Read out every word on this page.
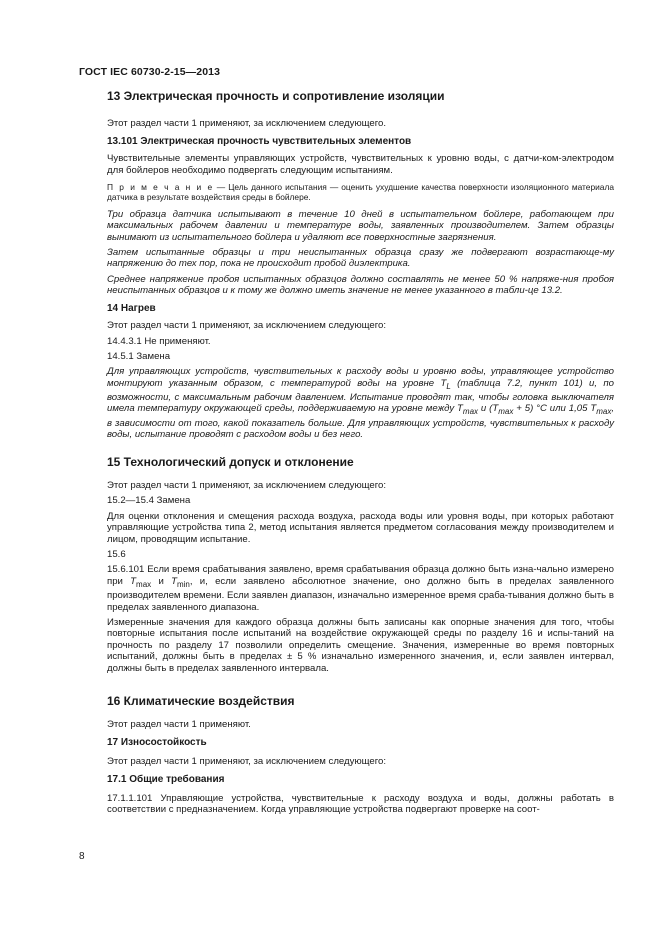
ГОСТ IEC 60730-2-15—2013
13 Электрическая прочность и сопротивление изоляции

Этот раздел части 1 применяют, за исключением следующего.

13.101 Электрическая прочность чувствительных элементов

Чувствительные элементы управляющих устройств, чувствительных к уровню воды, с датчи-ком-электродом для бойлеров необходимо подвергать следующим испытаниям.

П р и м е ч а н и е — Цель данного испытания — оценить ухудшение качества поверхности изоляционного материала датчика в результате воздействия среды в бойлере.

Три образца датчика испытывают в течение 10 дней в испытательном бойлере, работающем при максимальных рабочем давлении и температуре воды, заявленных производителем. Затем образцы вынимают из испытательного бойлера и удаляют все поверхностные загрязнения.

Затем испытанные образцы и три неиспытанных образца сразу же подвергают возрастающе-му напряжению до тех пор, пока не происходит пробой диэлектрика.

Среднее напряжение пробоя испытанных образцов должно составлять не менее 50 % напряже-ния пробоя неиспытанных образцов и к тому же должно иметь значение не менее указанного в табли-це 13.2.

14 Нагрев

Этот раздел части 1 применяют, за исключением следующего:

14.4.3.1 Не применяют.

14.5.1 Замена

Для управляющих устройств, чувствительных к расходу воды и уровню воды, управляющее устройство монтируют указанным образом, с температурой воды на уровне $T_L$ (таблица 7.2, пункт 101) и, по возможности, с максимальным рабочим давлением. Испытание проводят так, чтобы головка выключателя имела температуру окружающей среды, поддерживаемую на уровне между $T_{max}$ и $(T_{max} + 5)$ °С или 1,05 $T_{max}$, в зависимости от того, какой показатель больше. Для управляющих устройств, чувствительных к расходу воды, испытание проводят с расходом воды и без него.

15 Технологический допуск и отклонение

Этот раздел части 1 применяют, за исключением следующего:

15.2—15.4 Замена

Для оценки отклонения и смещения расхода воздуха, расхода воды или уровня воды, при которых работают управляющие устройства типа 2, метод испытания является предметом согласования между производителем и лицом, проводящим испытание.

15.6

15.6.101 Если время срабатывания заявлено, время срабатывания образца должно быть изна-чально измерено при $T_{max}$ и $T_{min}$, и, если заявлено абсолютное значение, оно должно быть в пределах заявленного производителем времени. Если заявлен диапазон, изначально измеренное время сраба-тывания должно быть в пределах заявленного диапазона.

Измеренные значения для каждого образца должны быть записаны как опорные значения для того, чтобы повторные испытания после испытаний на воздействие окружающей среды по разделу 16 и испы-таний на прочность по разделу 17 позволили определить смещение. Значения, измеренные во время повторных испытаний, должны быть в пределах ± 5 % изначально измеренного значения, и, если заявлен интервал, должны быть в пределах заявленного интервала.

16 Климатические воздействия

Этот раздел части 1 применяют.

17 Износостойкость

Этот раздел части 1 применяют, за исключением следующего:

17.1 Общие требования

17.1.1.101 Управляющие устройства, чувствительные к расходу воздуха и воды, должны работать в соответствии с предназначением. Когда управляющие устройства подвергают проверке на соот-

8
